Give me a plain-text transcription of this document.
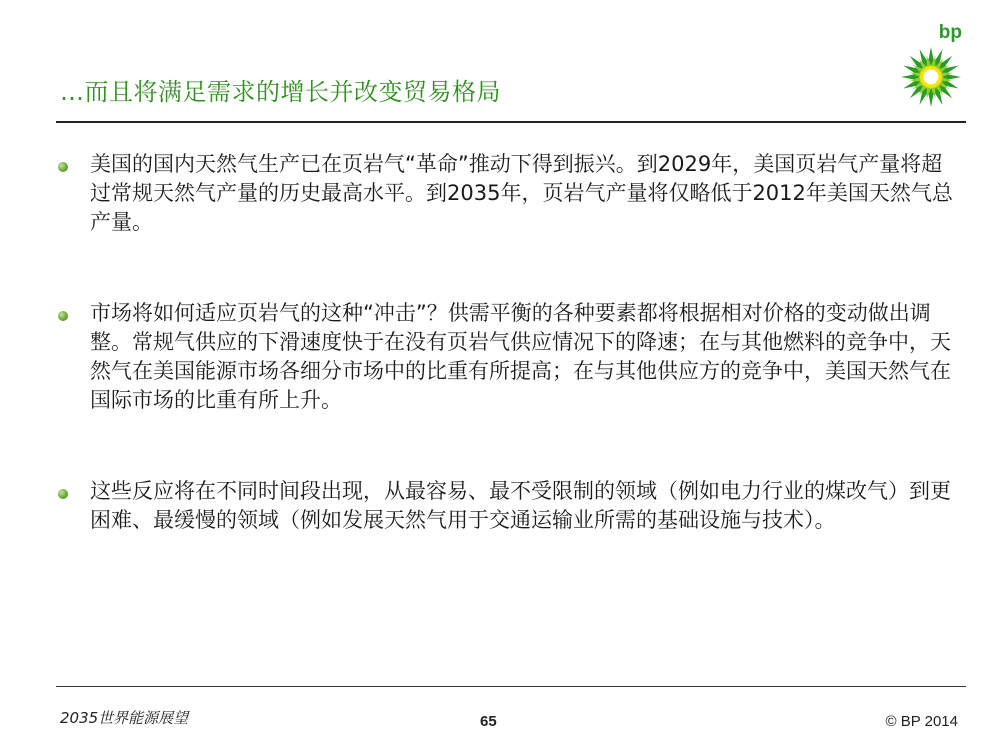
…而且将满足需求的增长并改变贸易格局
bp
美国的国内天然气生产已在页岩气“革命”推动下得到振兴。到2029年，美国页岩气产量将超过常规天然气产量的历史最高水平。到2035年，页岩气产量将仅略低于2012年美国天然气总产量。
市场将如何适应页岩气的这种“冲击”？供需平衡的各种要素都将根据相对价格的变动做出调整。常规气供应的下滑速度快于在没有页岩气供应情况下的降速；在与其他燃料的竞争中，天然气在美国能源市场各细分市场中的比重有所提高；在与其他供应方的竞争中，美国天然气在国际市场的比重有所上升。
这些反应将在不同时间段出现，从最容易、最不受限制的领域（例如电力行业的煤改气）到更困难、最缓慢的领域（例如发展天然气用于交通运输业所需的基础设施与技术）。
2035世界能源展望	65	© BP 2014
